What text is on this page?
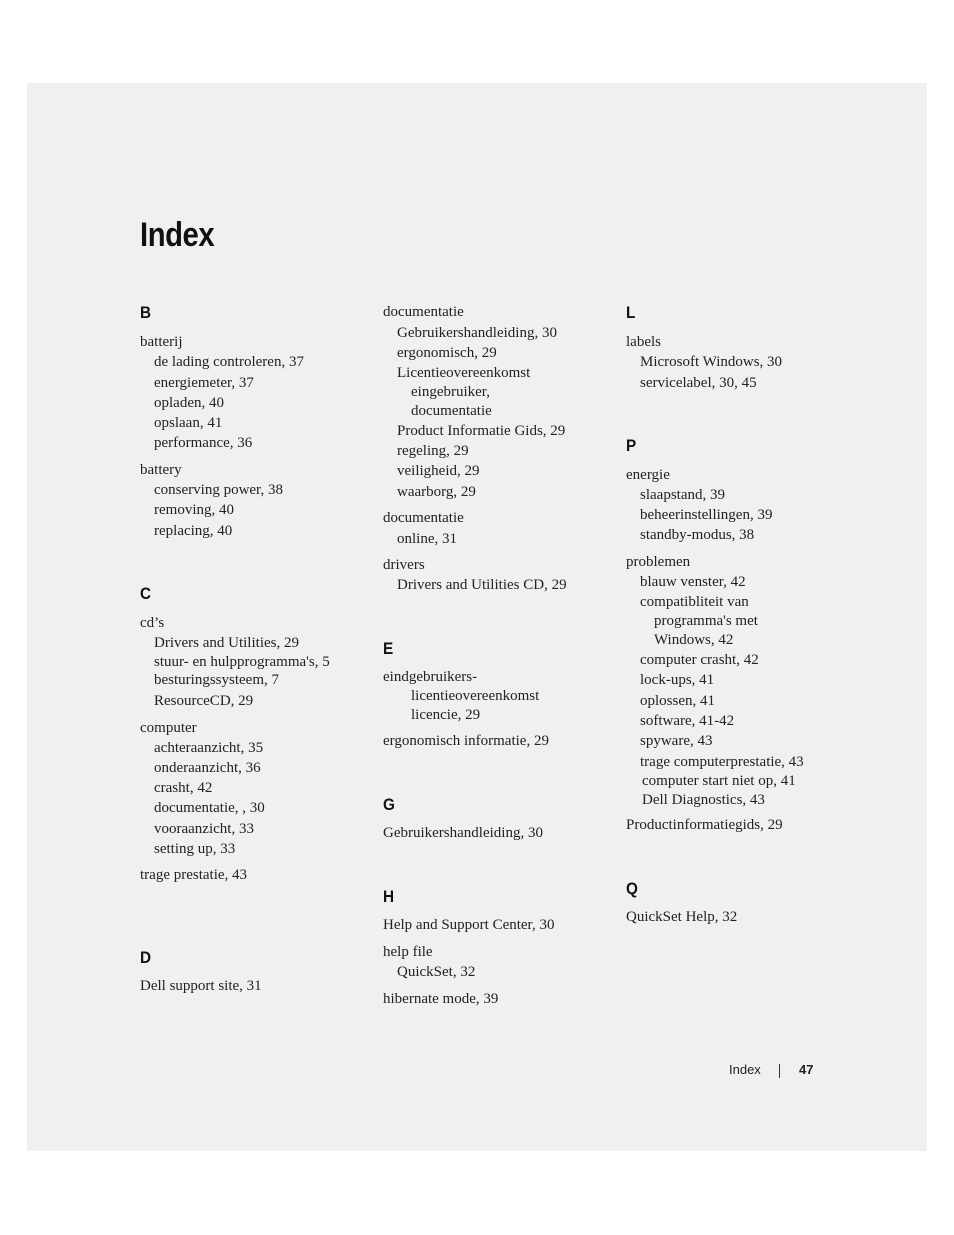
Index
B
batterij
de lading controleren, 37
energiemeter, 37
opladen, 40
opslaan, 41
performance, 36
battery
conserving power, 38
removing, 40
replacing, 40
C
cd’s
Drivers and Utilities, 29
stuur- en hulpprogramma's, 5
besturingssysteem, 7
ResourceCD, 29
computer
achteraanzicht, 35
onderaanzicht, 36
crasht, 42
documentatie, , 30
vooraanzicht, 33
setting up, 33
trage prestatie, 43
D
Dell support site, 31
documentatie
Gebruikershandleiding, 30
ergonomisch, 29
Licentieovereenkomst
eingebruiker,
documentatie
Product Informatie Gids, 29
regeling, 29
veiligheid, 29
waarborg, 29
documentatie
online, 31
drivers
Drivers and Utilities CD, 29
E
eindgebruikers-
licentieovereenkomst
licencie, 29
ergonomisch informatie, 29
G
Gebruikershandleiding, 30
H
Help and Support Center, 30
help file
QuickSet, 32
hibernate mode, 39
L
labels
Microsoft Windows, 30
servicelabel, 30, 45
P
energie
slaapstand, 39
beheerinstellingen, 39
standby-modus, 38
problemen
blauw venster, 42
compatibliteit van
programma's met
Windows, 42
computer crasht, 42
lock-ups, 41
oplossen, 41
software, 41-42
spyware, 43
trage computerprestatie, 43
computer start niet op, 41
Dell Diagnostics, 43
Productinformatiegids, 29
Q
QuickSet Help, 32
Index	47
